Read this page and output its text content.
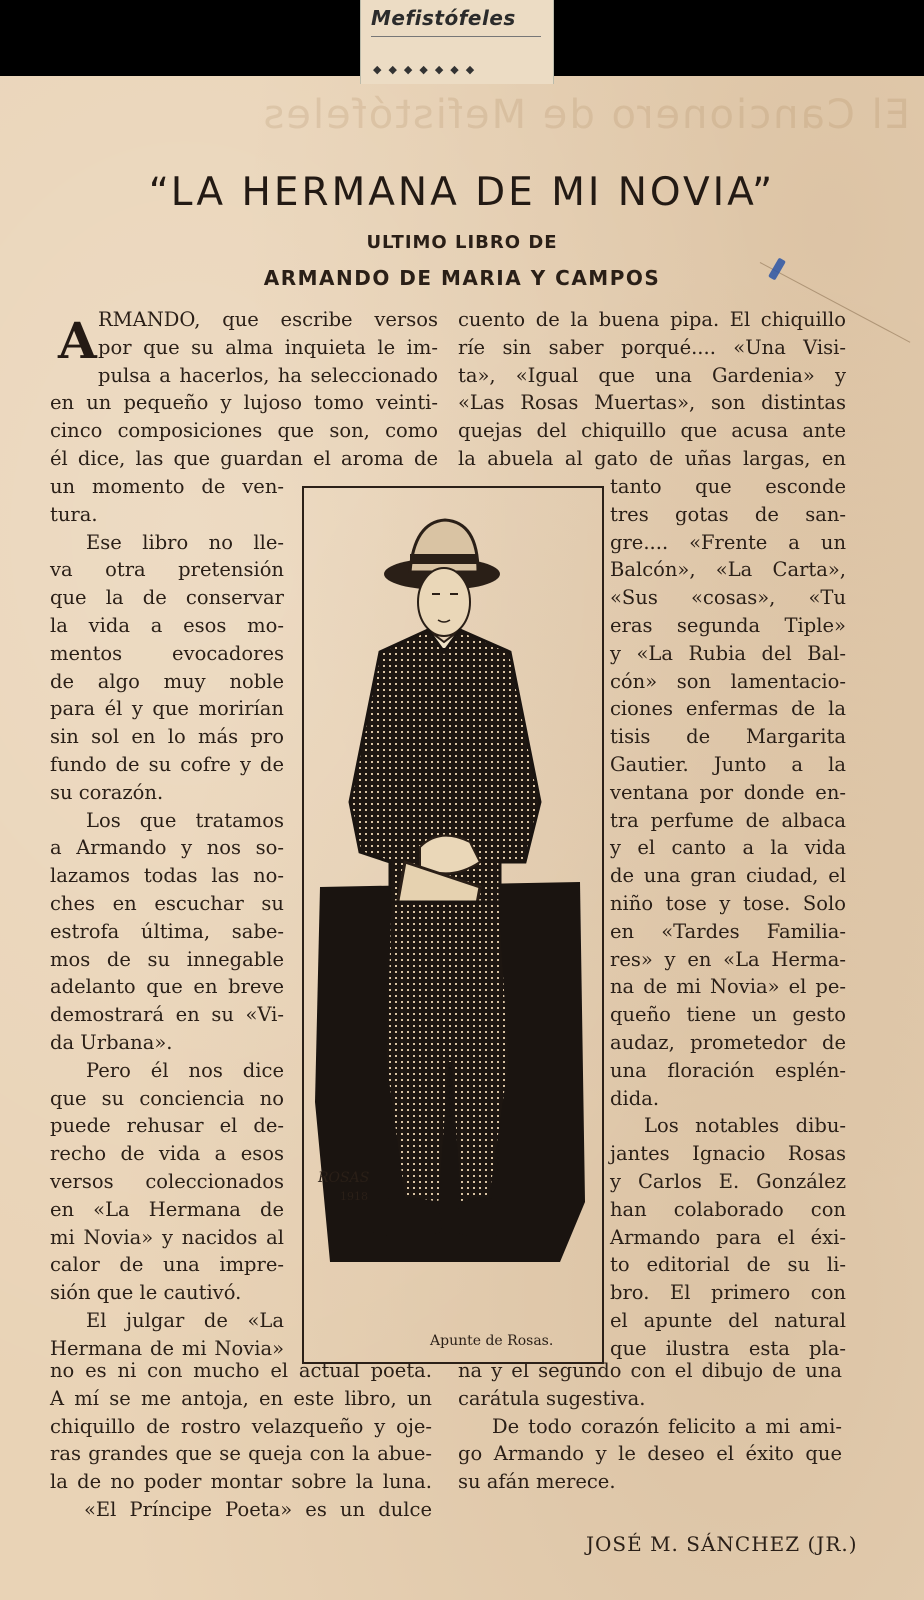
Mefistófeles
◆◆◆◆◆◆◆
El Cancionero de Mefistófeles
“LA HERMANA DE MI NOVIA”
ULTIMO LIBRO DE
ARMANDO DE MARIA Y CAMPOS
A RMANDO, que escribe versos
por que su alma inquieta le im-
pulsa a hacerlos, ha seleccionado
en un pequeño y lujoso tomo veinti-
cinco composiciones que son, como
él dice, las que guardan el aroma de
un momento de ven-
tura.
Ese libro no lle-
va otra pretensión
que la de conservar
la vida a esos mo-
mentos evocadores
de algo muy noble
para él y que morirían
sin sol en lo más pro
fundo de su cofre y de
su corazón.
Los que tratamos
a Armando y nos so-
lazamos todas las no-
ches en escuchar su
estrofa última, sabe-
mos de su innegable
adelanto que en breve
demostrará en su «Vi-
da Urbana».
Pero él nos dice
que su conciencia no
puede rehusar el de-
recho de vida a esos
versos coleccionados
en «La Hermana de
mi Novia» y nacidos al
calor de una impre-
sión que le cautivó.
El julgar de «La
Hermana de mi Novia»
no es ni con mucho el actual poeta.
A mí se me antoja, en este libro, un
chiquillo de rostro velazqueño y oje-
ras grandes que se queja con la abue-
la de no poder montar sobre la luna.
«El Príncipe Poeta» es un dulce
cuento de la buena pipa. El chiquillo
ríe sin saber porqué.... «Una Visi-
ta», «Igual que una Gardenia» y
«Las Rosas Muertas», son distintas
quejas del chiquillo que acusa ante
la abuela al gato de uñas largas, en
tanto que esconde
tres gotas de san-
gre.... «Frente a un
Balcón», «La Carta»,
«Sus «cosas», «Tu
eras segunda Tiple»
y «La Rubia del Bal-
cón» son lamentacio-
ciones enfermas de la
tisis de Margarita
Gautier. Junto a la
ventana por donde en-
tra perfume de albaca
y el canto a la vida
de una gran ciudad, el
niño tose y tose. Solo
en «Tardes Familia-
res» y en «La Herma-
na de mi Novia» el pe-
queño tiene un gesto
audaz, prometedor de
una floración esplén-
dida.
Los notables dibu-
jantes Ignacio Rosas
y Carlos E. González
han colaborado con
Armando para el éxi-
to editorial de su li-
bro. El primero con
el apunte del natural
que ilustra esta pla-
na y el segundo con el dibujo de una
carátula sugestiva.
De todo corazón felicito a mi ami-
go Armando y le deseo el éxito que
su afán merece.
ROSAS
1918
Apunte de Rosas.
JOSÉ M. SÁNCHEZ (JR.)
